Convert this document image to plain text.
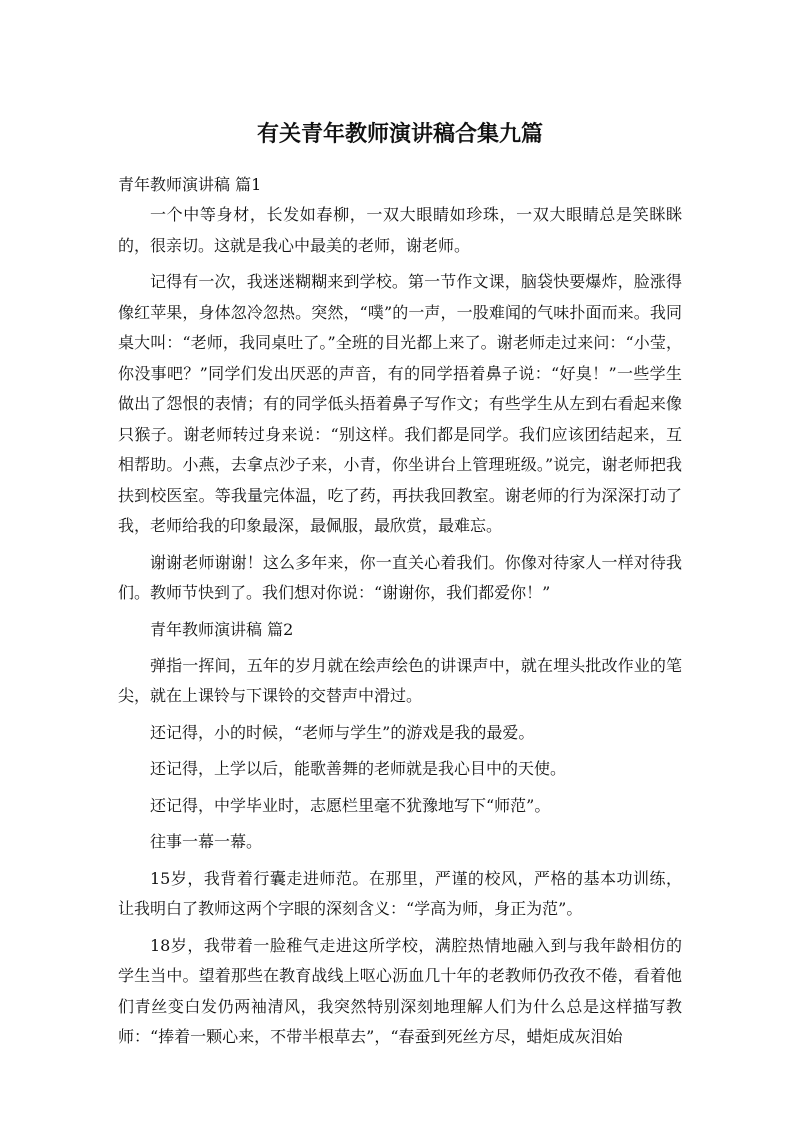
有关青年教师演讲稿合集九篇
青年教师演讲稿 篇1

一个中等身材，长发如春柳，一双大眼睛如珍珠，一双大眼睛总是笑眯眯的，很亲切。这就是我心中最美的老师，谢老师。

记得有一次，我迷迷糊糊来到学校。第一节作文课，脑袋快要爆炸，脸涨得像红苹果，身体忽冷忽热。突然，“噗”的一声，一股难闻的气味扑面而来。我同桌大叫：“老师，我同桌吐了。”全班的目光都上来了。谢老师走过来问：“小莹，你没事吧？”同学们发出厌恶的声音，有的同学捂着鼻子说：“好臭！”一些学生做出了怨恨的表情；有的同学低头捂着鼻子写作文；有些学生从左到右看起来像只猴子。谢老师转过身来说：“别这样。我们都是同学。我们应该团结起来，互相帮助。小燕，去拿点沙子来，小青，你坐讲台上管理班级。”说完，谢老师把我扶到校医室。等我量完体温，吃了药，再扶我回教室。谢老师的行为深深打动了我，老师给我的印象最深，最佩服，最欣赏，最难忘。

谢谢老师谢谢！这么多年来，你一直关心着我们。你像对待家人一样对待我们。教师节快到了。我们想对你说：“谢谢你，我们都爱你！”

青年教师演讲稿 篇2

弹指一挥间，五年的岁月就在绘声绘色的讲课声中，就在埋头批改作业的笔尖，就在上课铃与下课铃的交替声中滑过。

还记得，小的时候，“老师与学生”的游戏是我的最爱。

还记得，上学以后，能歌善舞的老师就是我心目中的天使。

还记得，中学毕业时，志愿栏里毫不犹豫地写下“师范”。

往事一幕一幕。

15岁，我背着行囊走进师范。在那里，严谨的校风，严格的基本功训练，让我明白了教师这两个字眼的深刻含义：“学高为师，身正为范”。

18岁，我带着一脸稚气走进这所学校，满腔热情地融入到与我年龄相仿的学生当中。望着那些在教育战线上呕心沥血几十年的老教师仍孜孜不倦，看着他们青丝变白发仍两袖清风，我突然特别深刻地理解人们为什么总是这样描写教师：“捧着一颗心来，不带半根草去”，“春蚕到死丝方尽，蜡炬成灰泪始
